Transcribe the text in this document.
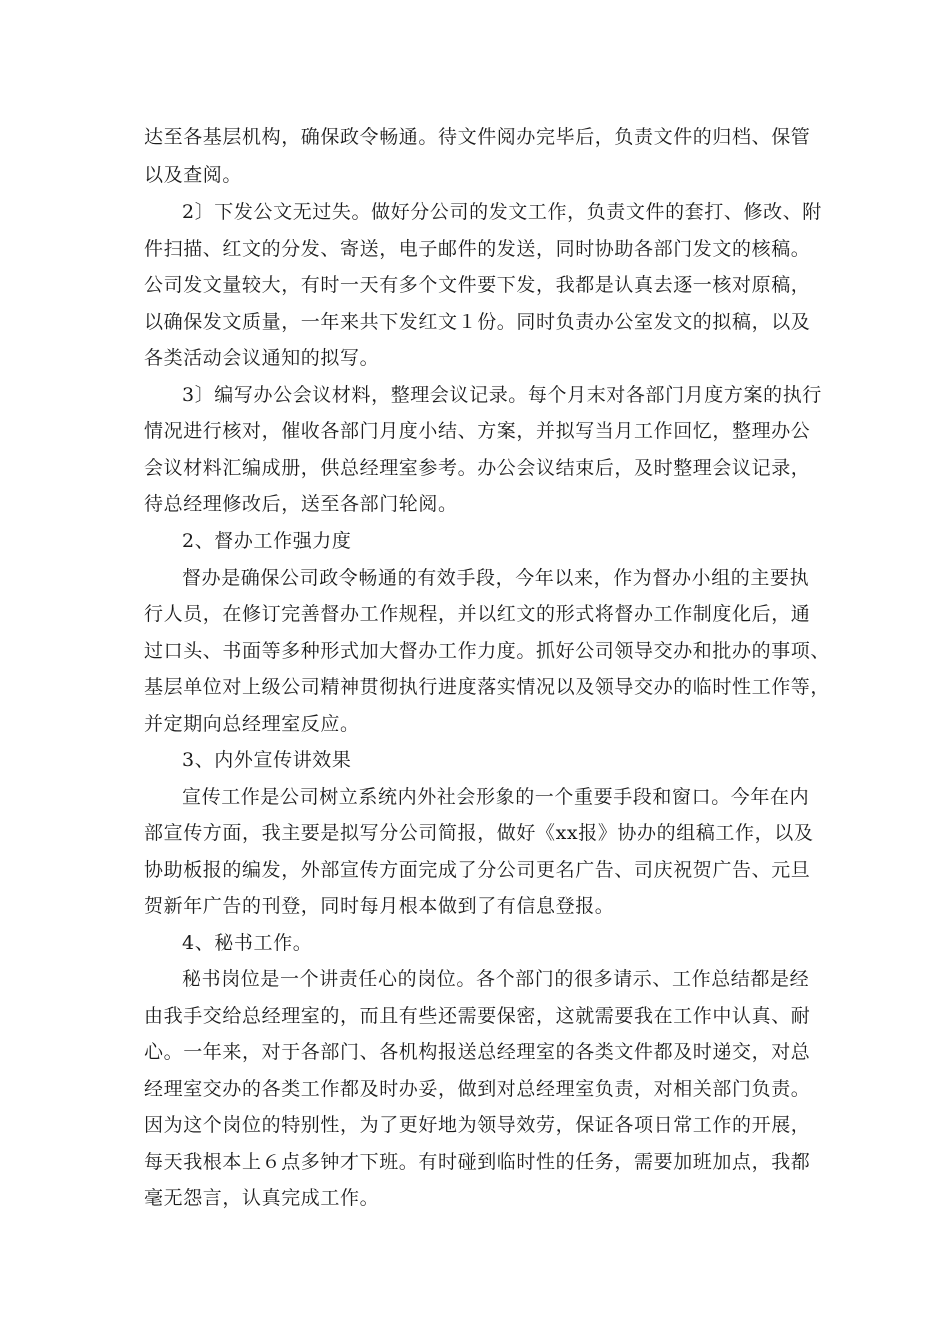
达至各基层机构，确保政令畅通。待文件阅办完毕后，负责文件的归档、保管
以及查阅。
2〕下发公文无过失。做好分公司的发文工作，负责文件的套打、修改、附
件扫描、红文的分发、寄送，电子邮件的发送，同时协助各部门发文的核稿。
公司发文量较大，有时一天有多个文件要下发，我都是认真去逐一核对原稿，
以确保发文质量，一年来共下发红文１份。同时负责办公室发文的拟稿，以及
各类活动会议通知的拟写。
3〕编写办公会议材料，整理会议记录。每个月末对各部门月度方案的执行
情况进行核对，催收各部门月度小结、方案，并拟写当月工作回忆，整理办公
会议材料汇编成册，供总经理室参考。办公会议结束后，及时整理会议记录，
待总经理修改后，送至各部门轮阅。
2、督办工作强力度
督办是确保公司政令畅通的有效手段，今年以来，作为督办小组的主要执
行人员，在修订完善督办工作规程，并以红文的形式将督办工作制度化后，通
过口头、书面等多种形式加大督办工作力度。抓好公司领导交办和批办的事项、
基层单位对上级公司精神贯彻执行进度落实情况以及领导交办的临时性工作等，
并定期向总经理室反应。
3、内外宣传讲效果
宣传工作是公司树立系统内外社会形象的一个重要手段和窗口。今年在内
部宣传方面，我主要是拟写分公司简报，做好《xx报》协办的组稿工作，以及
协助板报的编发，外部宣传方面完成了分公司更名广告、司庆祝贺广告、元旦
贺新年广告的刊登，同时每月根本做到了有信息登报。
4、秘书工作。
秘书岗位是一个讲责任心的岗位。各个部门的很多请示、工作总结都是经
由我手交给总经理室的，而且有些还需要保密，这就需要我在工作中认真、耐
心。一年来，对于各部门、各机构报送总经理室的各类文件都及时递交，对总
经理室交办的各类工作都及时办妥，做到对总经理室负责，对相关部门负责。
因为这个岗位的特别性，为了更好地为领导效劳，保证各项日常工作的开展，
每天我根本上６点多钟才下班。有时碰到临时性的任务，需要加班加点，我都
毫无怨言，认真完成工作。
